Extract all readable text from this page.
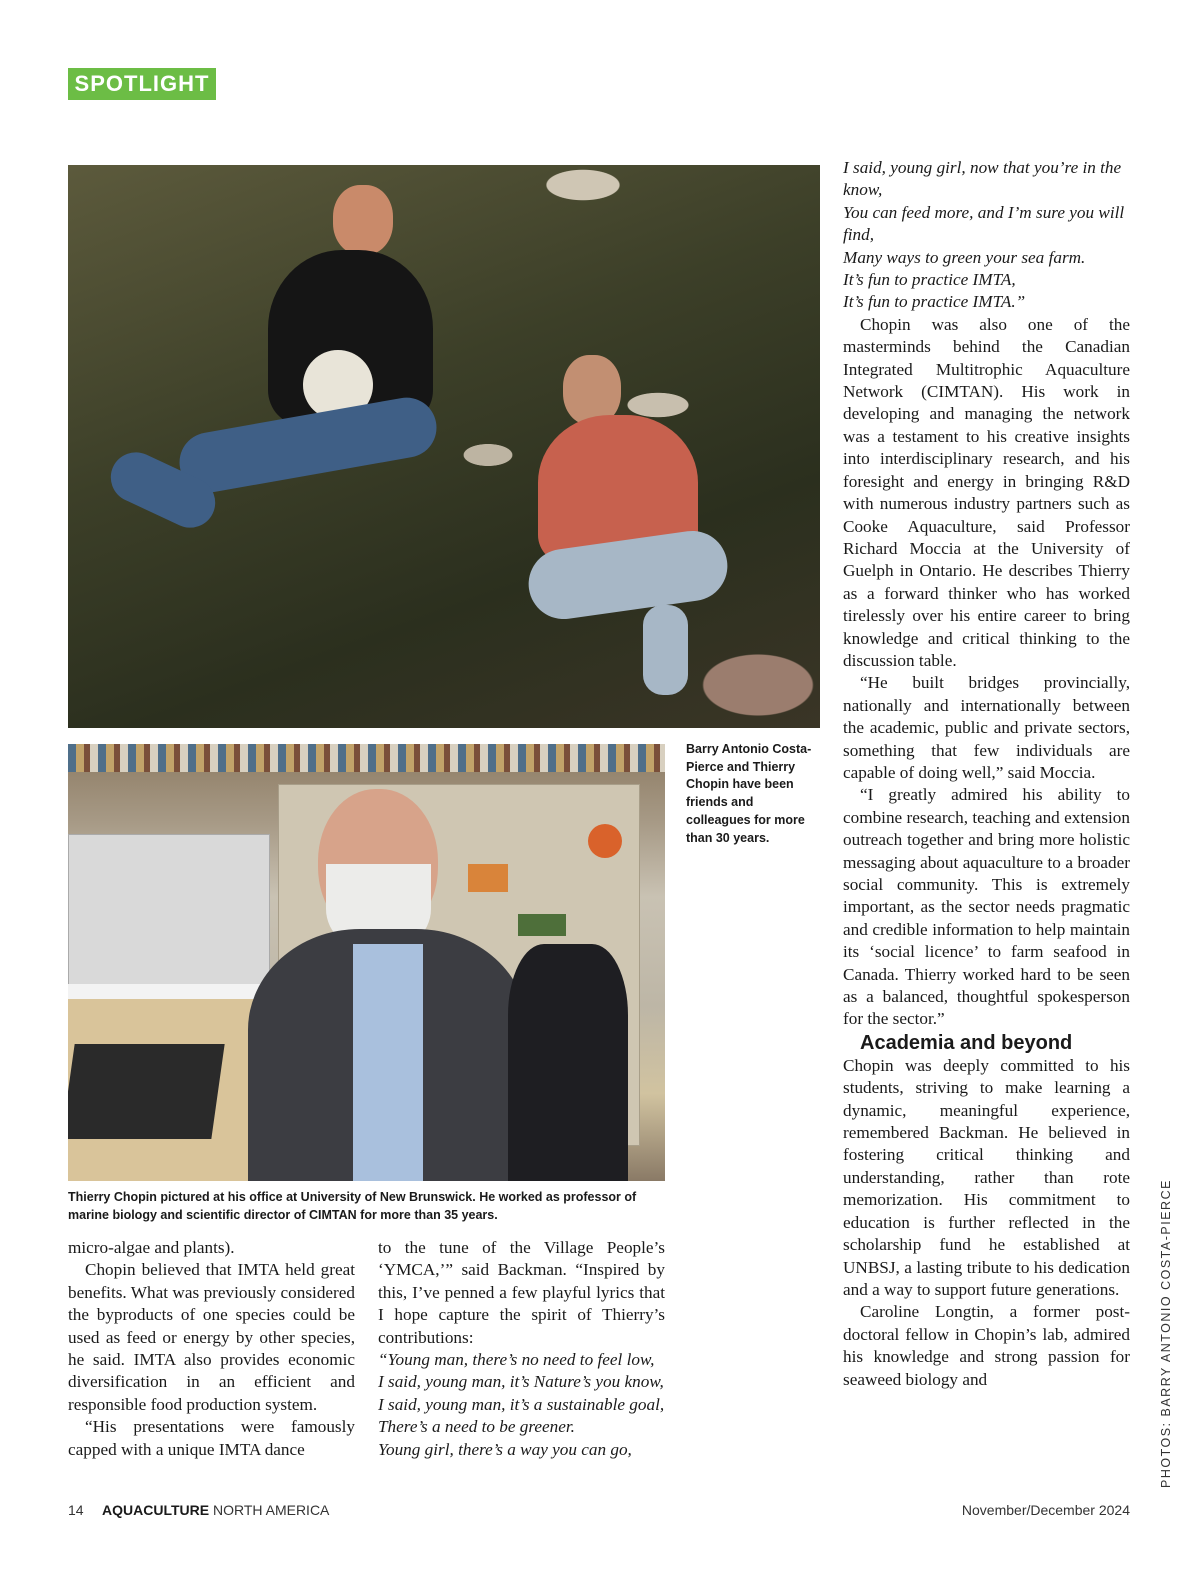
SPOTLIGHT
Barry Antonio Costa-Pierce and Thierry Chopin have been friends and colleagues for more than 30 years.
Thierry Chopin pictured at his office at University of New Brunswick. He worked as professor of marine biology and scientific director of CIMTAN for more than 35 years.

micro-algae and plants).

Chopin believed that IMTA held great benefits. What was previously considered the byproducts of one species could be used as feed or energy by other species, he said. IMTA also provides economic diversification in an efficient and responsible food production system.

“His presentations were famously capped with a unique IMTA dance

to the tune of the Village People’s ‘YMCA,’” said Backman. “Inspired by this, I’ve penned a few playful lyrics that I hope capture the spirit of Thierry’s contributions:

“Young man, there’s no need to feel low,

I said, young man, it’s Nature’s you know,

I said, young man, it’s a sustainable goal,

There’s a need to be greener.

Young girl, there’s a way you can go,

I said, young girl, now that you’re in the know,

You can feed more, and I’m sure you will find,

Many ways to green your sea farm.

It’s fun to practice IMTA,

It’s fun to practice IMTA.”

Chopin was also one of the masterminds behind the Canadian Integrated Multitrophic Aquaculture Network (CIMTAN). His work in developing and managing the network was a testament to his creative insights into interdisciplinary research, and his foresight and energy in bringing R&D with numerous industry partners such as Cooke Aquaculture, said Professor Richard Moccia at the University of Guelph in Ontario. He describes Thierry as a forward thinker who has worked tirelessly over his entire career to bring knowledge and critical thinking to the discussion table.

“He built bridges provincially, nationally and internationally between the academic, public and private sectors, something that few individuals are capable of doing well,” said Moccia.

“I greatly admired his ability to combine research, teaching and extension outreach together and bring more holistic messaging about aquaculture to a broader social community. This is extremely important, as the sector needs pragmatic and credible information to help maintain its ‘social licence’ to farm seafood in Canada. Thierry worked hard to be seen as a balanced, thoughtful spokesperson for the sector.”

Academia and beyond

Chopin was deeply committed to his students, striving to make learning a dynamic, meaningful experience, remembered Backman. He believed in fostering critical thinking and understanding, rather than rote memorization. His commitment to education is further reflected in the scholarship fund he established at UNBSJ, a lasting tribute to his dedication and a way to support future generations.

Caroline Longtin, a former post-doctoral fellow in Chopin’s lab, admired his knowledge and strong passion for seaweed biology and	PHOTOS: BARRY ANTONIO COSTA-PIERCE
14 AQUACULTURE NORTH AMERICA	November/December 2024
